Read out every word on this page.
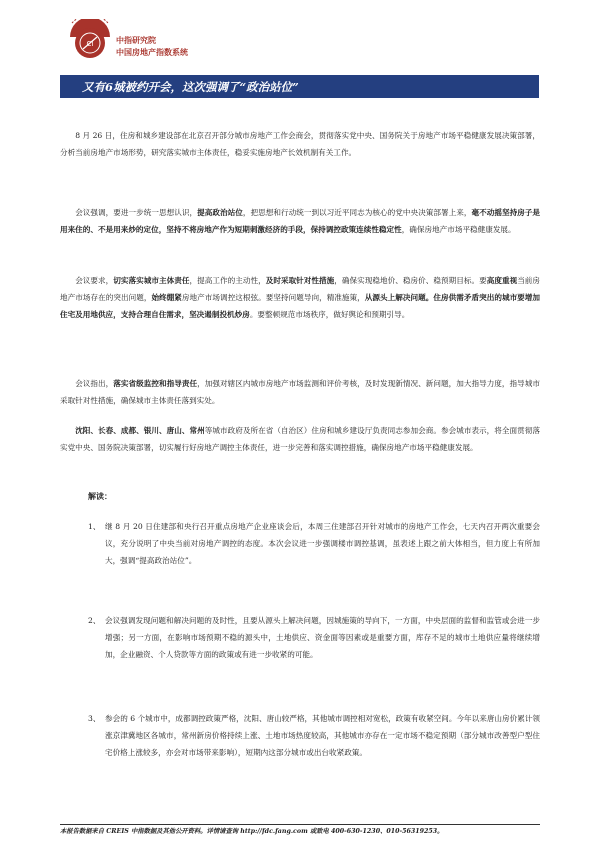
CI	中指研究院
中国房地产指数系统
又有6城被约开会，这次强调了“政治站位”

8 月 26 日，住房和城乡建设部在北京召开部分城市房地产工作会商会，贯彻落实党中央、国务院关于房地产市场平稳健康发展决策部署，分析当前房地产市场形势，研究落实城市主体责任，稳妥实施房地产长效机制有关工作。

会议强调，要进一步统一思想认识，提高政治站位，把思想和行动统一到以习近平同志为核心的党中央决策部署上来，毫不动摇坚持房子是用来住的、不是用来炒的定位，坚持不将房地产作为短期刺激经济的手段，保持调控政策连续性稳定性，确保房地产市场平稳健康发展。

会议要求，切实落实城市主体责任，提高工作的主动性，及时采取针对性措施，确保实现稳地价、稳房价、稳预期目标。要高度重视当前房地产市场存在的突出问题，始终绷紧房地产市场调控这根弦。要坚持问题导向，精准施策，从源头上解决问题。住房供需矛盾突出的城市要增加住宅及用地供应，支持合理自住需求，坚决遏制投机炒房。要整顿规范市场秩序，做好舆论和预期引导。

会议指出，落实省级监控和指导责任，加强对辖区内城市房地产市场监测和评价考核，及时发现新情况、新问题，加大指导力度，指导城市采取针对性措施，确保城市主体责任落到实处。

沈阳、长春、成都、银川、唐山、常州等城市政府及所在省（自治区）住房和城乡建设厅负责同志参加会商。参会城市表示，将全面贯彻落实党中央、国务院决策部署，切实履行好房地产调控主体责任，进一步完善和落实调控措施，确保房地产市场平稳健康发展。

解读：
1、 继 8 月 20 日住建部和央行召开重点房地产企业座谈会后，本周三住建部召开针对城市的房地产工作会，七天内召开两次重要会议，充分说明了中央当前对房地产调控的态度。本次会议进一步强调楼市调控基调，虽表述上跟之前大体相当，但力度上有所加大，强调“提高政治站位”。
2、 会议强调发现问题和解决问题的及时性，且要从源头上解决问题，因城施策的导向下，一方面，中央层面的监督和监管或会进一步增强；另一方面，在影响市场预期不稳的源头中，土地供应、资金面等因素或是重要方面，库存不足的城市土地供应量将继续增加，企业融资、个人贷款等方面的政策或有进一步收紧的可能。
3、 参会的 6 个城市中，成都调控政策严格，沈阳、唐山较严格，其他城市调控相对宽松，政策有收紧空间。今年以来唐山房价累计领涨京津冀地区各城市，常州新房价格持续上涨、土地市场热度较高，其他城市亦存在一定市场不稳定预期（部分城市改善型户型住宅价格上涨较多，亦会对市场带来影响），短期内这部分城市或出台收紧政策。
本报告数据来自 CREIS 中指数据及其他公开资料。详情请查询 http://fdc.fang.com 或致电 400-630-1230、010-56319253。
